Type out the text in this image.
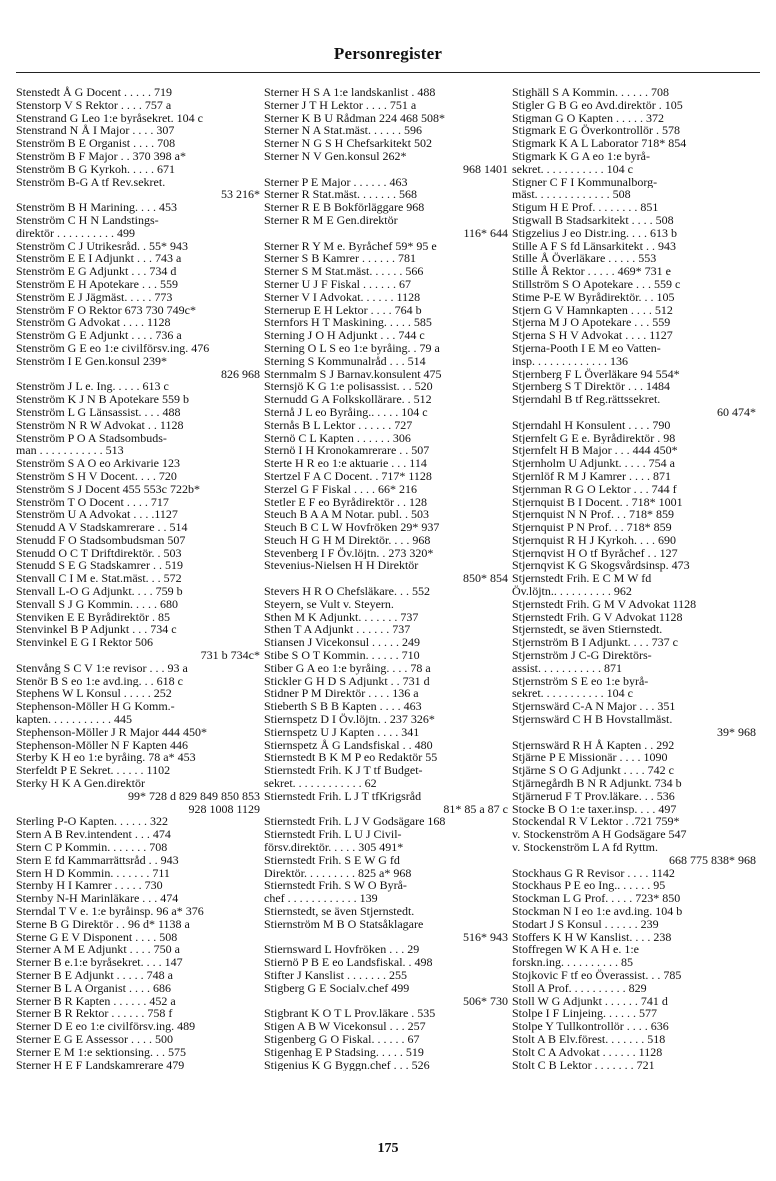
Personregister
Stenstedt Å G Docent . . . . . 719
Stenstorp V S Rektor . . . . 757 a
Stenstrand G Leo 1:e byråsekret. 104 c
Stenstrand N Å I Major . . . . 307
Stenström B E Organist . . . . 708
Stenström B F Major . . 370 398 a*
Stenström B G Kyrkoh. . . . . 671
Stenström B-G A tf Rev.sekret.
53 216*
Stenström B H Marining. . . . 453
Stenström C H N Landstings-
direktör . . . . . . . . . . 499
Stenström C J Utrikesråd. . 55* 943
Stenström E E I Adjunkt . . . 743 a
Stenström E G Adjunkt . . . 734 d
Stenström E H Apotekare . . . 559
Stenström E J Jägmäst. . . . . 773
Stenström F O Rektor 673 730 749c*
Stenström G Advokat . . . . 1128
Stenström G E Adjunkt . . . . 736 a
Stenström G E eo 1:e civilförsv.ing. 476
Stenström I E Gen.konsul 239*
826 968
Stenström J L e. Ing. . . . . 613 c
Stenström K J N B Apotekare 559 b
Stenström L G Länsassist. . . . 488
Stenström N R W Advokat . . 1128
Stenström P O A Stadsombuds-
man . . . . . . . . . . . 513
Stenström S A O eo Arkivarie 123
Stenström S H V Docent. . . . 720
Stenström S J Docent 455 553c 722b*
Stenström T O Docent . . . . 717
Stenström U A Advokat . . . .1127
Stenudd A V Stadskamrerare . . 514
Stenudd F O Stadsombudsman 507
Stenudd O C T Driftdirektör. . 503
Stenudd S E G Stadskamrer . . 519
Stenvall C I M e. Stat.mäst. . . 572
Stenvall L-O G Adjunkt. . . . 759 b
Stenvall S J G Kommin. . . . . 680
Stenviken E E Byrådirektör . 85
Stenvinkel B P Adjunkt . . . 734 c
Stenvinkel E G I Rektor 506
731 b 734c*
Stenvång S C V 1:e revisor . . . 93 a
Stenör B S eo 1:e avd.ing. . . 618 c
Stephens W L Konsul . . . . . 252
Stephenson-Möller H G Komm.-
kapten. . . . . . . . . . . 445
Stephenson-Möller J R Major 444 450*
Stephenson-Möller N F Kapten 446
Sterby K H eo 1:e byråing. 78 a* 453
Sterfeldt P E Sekret. . . . . . 1102
Sterky H K A Gen.direktör
99* 728 d 829 849 850 853
928 1008 1129
Sterling P-O Kapten. . . . . . 322
Stern A B Rev.intendent . . . 474
Stern C P Kommin. . . . . . . 708
Stern E fd Kammarrättsråd . . 943
Stern H D Kommin. . . . . . . 711
Sternby H I Kamrer . . . . . 730
Sternby N-H Marinläkare . . . 474
Sterndal T V e. 1:e byråinsp. 96 a* 376
Sterne B G Direktör . . 96 d* 1138 a
Sterne G E V Disponent . . . . 508
Sterner A M E Adjunkt . . . . 750 a
Sterner B e.1:e byråsekret. . . . 147
Sterner B E Adjunkt . . . . . 748 a
Sterner B L A Organist . . . . 686
Sterner B R Kapten . . . . . . 452 a
Sterner B R Rektor . . . . . . 758 f
Sterner D E eo 1:e civilförsv.ing. 489
Sterner E G E Assessor . . . . 500
Sterner E M 1:e sektionsing. . . 575
Sterner H E F Landskamrerare 479
Sterner H S A 1:e landskanlist . 488
Sterner J T H Lektor . . . . 751 a
Sterner K B U Rådman 224 468 508*
Sterner N A Stat.mäst. . . . . . 596
Sterner N G S H Chefsarkitekt 502
Sterner N V Gen.konsul 262*
968 1401
Sterner P E Major . . . . . . 463
Sterner R Stat.mäst. . . . . . . 568
Sterner R E B Bokförläggare 968
Sterner R M E Gen.direktör
116* 644
Sterner R Y M e. Byråchef 59* 95 e
Sterner S B Kamrer . . . . . . 781
Sterner S M Stat.mäst. . . . . . 566
Sterner U J F Fiskal . . . . . . 67
Sterner V I Advokat. . . . . . 1128
Sternerup E H Lektor . . . . 764 b
Sternfors H T Maskining. . . . . 585
Sterning J O H Adjunkt . . . 744 c
Sterning O L S eo 1:e byråing. . 79 a
Sterning S Kommunalråd . . . 514
Sternmalm S J Barnav.konsulent 475
Sternsjö K G 1:e polisassist. . . 520
Sternudd G A Folkskollärare. . 512
Sternå J L eo Byråing.. . . . . 104 c
Sternås B L Lektor . . . . . . 727
Sternö C L Kapten . . . . . . 306
Sternö I H Kronokamrerare . . 507
Sterte H R eo 1:e aktuarie . . . 114
Stertzel F A C Docent. . 717* 1128
Sterzel G F Fiskal . . . . 66* 216
Stetler E F eo Byrådirektör . . 128
Steuch B A A M Notar. publ. . 503
Steuch B C L W Hovfröken 29* 937
Steuch H G H M Direktör. . . . 968
Stevenberg I F Öv.löjtn. . 273 320*
Stevenius-Nielsen H H Direktör
850* 854
Stevers H R O Chefsläkare. . . 552
Steyern, se Vult v. Steyern.
Sthen M K Adjunkt. . . . . . . 737
Sthen T A Adjunkt . . . . . . 737
Stiansen J Vicekonsul . . . . . 249
Stibe S O T Kommin. . . . . . 710
Stiber G A eo 1:e byråing. . . . 78 a
Stickler G H D S Adjunkt . . 731 d
Stidner P M Direktör . . . . 136 a
Stieberth S B B Kapten . . . . 463
Stiernspetz D I Öv.löjtn. . 237 326*
Stiernspetz U J Kapten . . . . 341
Stiernspetz Å G Landsfiskal . . 480
Stiernstedt B K M P eo Redaktör 55
Stiernstedt Frih. K J T tf Budget-
sekret. . . . . . . . . . . . 62
Stiernstedt Frih. L J T tfKrigsråd
81* 85 a 87 c
Stiernstedt Frih. L J V Godsägare 168
Stiernstedt Frih. L U J Civil-
försv.direktör. . . . . 305 491*
Stiernstedt Frih. S E W G fd
Direktör. . . . . . . . . 825 a* 968
Stiernstedt Frih. S W O Byrå-
chef . . . . . . . . . . . . 139
Stiernstedt, se även Stjernstedt.
Stiernström M B O Statsåklagare
516* 943
Stiernsward L Hovfröken . . . 29
Stiernö P B E eo Landsfiskal. . 498
Stifter J Kanslist . . . . . . . 255
Stigberg G E Socialv.chef 499
506* 730
Stigbrant K O T L Prov.läkare . 535
Stigen A B W Vicekonsul . . . 257
Stigenberg G O Fiskal. . . . . . 67
Stigenhag E P Stadsing. . . . . 519
Stigenius K G Byggn.chef . . . 526
Stighäll S A Kommin. . . . . . 708
Stigler G B G eo Avd.direktör . 105
Stigman G O Kapten . . . . . 372
Stigmark E G Överkontrollör . 578
Stigmark K A L Laborator 718* 854
Stigmark K G A eo 1:e byrå-
sekret. . . . . . . . . . . 104 c
Stigner C F I Kommunalborg-
mäst. . . . . . . . . . . . . 508
Stigum H E Prof. . . . . . . . 851
Stigwall B Stadsarkitekt . . . . 508
Stigzelius J eo Distr.ing. . . . 613 b
Stille A F S fd Länsarkitekt . . 943
Stille Å Överläkare . . . . . 553
Stille Å Rektor . . . . . 469* 731 e
Stillström S O Apotekare . . . 559 c
Stime P-E W Byrådirektör. . . 105
Stjern G V Hamnkapten . . . . 512
Stjerna M J O Apotekare . . . 559
Stjerna S H V Advokat . . . . 1127
Stjerna-Pooth I E M eo Vatten-
insp. . . . . . . . . . . . . 136
Stjernberg F L Överläkare 94 554*
Stjernberg S T Direktör . . . 1484
Stjerndahl B tf Reg.rättssekret.
60 474*
Stjerndahl H Konsulent . . . . 790
Stjernfelt G E e. Byrådirektör . 98
Stjernfelt H B Major . . . 444 450*
Stjernholm U Adjunkt. . . . . 754 a
Stjernlöf R M J Kamrer . . . . 871
Stjernman R G O Lektor . . . 744 f
Stjernquist B I Docent. . 718* 1001
Stjernquist N N Prof. . . 718* 859
Stjernquist P N Prof. . . 718* 859
Stjernquist R H J Kyrkoh. . . . 690
Stjernqvist H O tf Byråchef . . 127
Stjernqvist K G Skogsvårdsinsp. 473
Stjernstedt Frih. E C M W fd
Öv.löjtn.. . . . . . . . . . 962
Stjernstedt Frih. G M V Advokat 1128
Stjernstedt Frih. G V Advokat 1128
Stjernstedt, se även Stiernstedt.
Stjernström B I Adjunkt. . . . 737 c
Stjernström J C-G Direktörs-
assist. . . . . . . . . . . 871
Stjernström S E eo 1:e byrå-
sekret. . . . . . . . . . . 104 c
Stjernswärd C-A N Major . . . 351
Stjernswärd C H B Hovstallmäst.
39* 968
Stjernswärd R H Å Kapten . . 292
Stjärne P E Missionär . . . . 1090
Stjärne S O G Adjunkt . . . . 742 c
Stjärnegårdh B N R Adjunkt. 734 b
Stjärnerud F T Prov.läkare. . . 536
Stocke B O 1:e taxer.insp. . . . 497
Stockendal R V Lektor . .721 759*
v. Stockenström A H Godsägare 547
v. Stockenström L A fd Ryttm.
668 775 838* 968
Stockhaus G R Revisor . . . . 1142
Stockhaus P E eo Ing.. . . . . . 95
Stockman L G Prof. . . . . 723* 850
Stockman N I eo 1:e avd.ing. 104 b
Stodart J S Konsul . . . . . . 239
Stoffers K H W Kanslist. . . . 238
Stoffregen W K A H e. 1:e
forskn.ing. . . . . . . . . . 85
Stojkovic F tf eo Överassist. . . 785
Stoll A Prof. . . . . . . . . . 829
Stoll W G Adjunkt . . . . . . 741 d
Stolpe I F Linjeing. . . . . . 577
Stolpe Y Tullkontrollör . . . . 636
Stolt A B Elv.förest. . . . . . . 518
Stolt C A Advokat . . . . . . 1128
Stolt C B Lektor . . . . . . . 721
175
